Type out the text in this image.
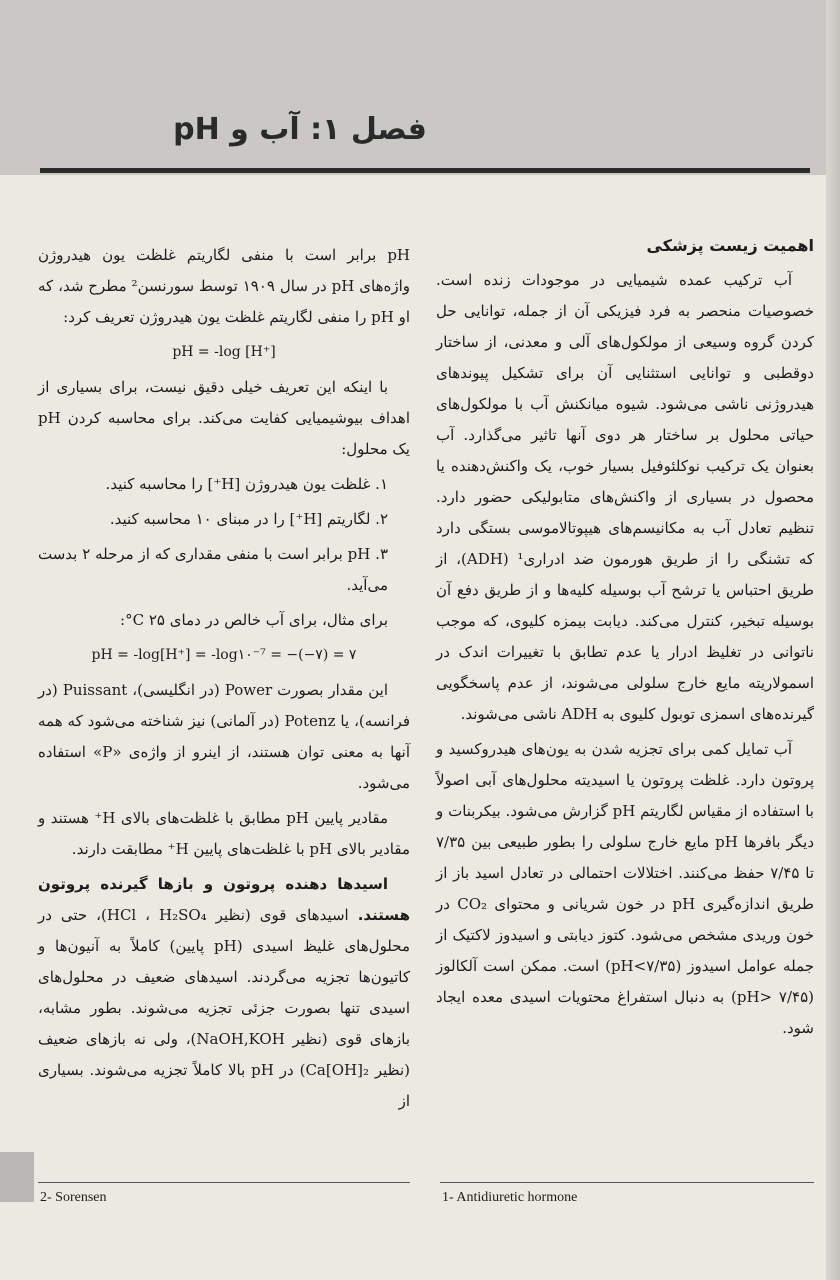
فصل ۱: آب و pH

اهمیت زیست پزشکی

آب ترکیب عمده شیمیایی در موجودات زنده است. خصوصیات منحصر به فرد فیزیکی آن از جمله، توانایی حل کردن گروه وسیعی از مولکول‌های آلی و معدنی، از ساختار دوقطبی و توانایی استثنایی آن برای تشکیل پیوندهای هیدروژنی ناشی می‌شود. شیوه میانکنش آب با مولکول‌های حیاتی محلول بر ساختار هر دوی آنها تاثیر می‌گذارد. آب بعنوان یک ترکیب نوکلئوفیل بسیار خوب، یک واکنش‌دهنده یا محصول در بسیاری از واکنش‌های متابولیکی حضور دارد. تنظیم تعادل آب به مکانیسم‌های هیپوتالاموسی بستگی دارد که تشنگی را از طریق هورمون ضد ادراری¹ (ADH)، از طریق احتباس یا ترشح آب بوسیله کلیه‌ها و از طریق دفع آن بوسیله تبخیر، کنترل می‌کند. دیابت بیمزه کلیوی، که موجب ناتوانی در تغلیظ ادرار یا عدم تطابق با تغییرات اندک در اسمولاریته مایع خارج سلولی می‌شوند، از عدم پاسخگویی گیرنده‌های اسمزی توبول کلیوی به ADH ناشی می‌شوند.

آب تمایل کمی برای تجزیه شدن به یون‌های هیدروکسید و پروتون دارد. غلظت پروتون یا اسیدیته محلول‌های آبی اصولاً با استفاده از مقیاس لگاریتم pH گزارش می‌شود. بیکربنات و دیگر بافرها pH مایع خارج سلولی را بطور طبیعی بین ۷/۳۵ تا ۷/۴۵ حفظ می‌کنند. اختلالات احتمالی در تعادل اسید باز از طریق اندازه‌گیری pH در خون شریانی و محتوای CO₂ در خون وریدی مشخص می‌شود. کتوز دیابتی و اسیدوز لاکتیک از جمله عوامل اسیدوز (pH<۷/۳۵) است. ممکن است آلکالوز (pH> ۷/۴۵) به دنبال استفراغ محتویات اسیدی معده ایجاد شود.

pH برابر است با منفی لگاریتم غلظت یون هیدروژن واژه‌های pH در سال ۱۹۰۹ توسط سورنسن² مطرح شد، که او pH را منفی لگاریتم غلظت یون هیدروژن تعریف کرد:

pH = -log [H⁺]

با اینکه این تعریف خیلی دقیق نیست، برای بسیاری از اهداف بیوشیمیایی کفایت می‌کند. برای محاسبه کردن pH یک محلول:

۱. غلظت یون هیدروژن [H⁺] را محاسبه کنید.

۲. لگاریتم [H⁺] را در مبنای ۱۰ محاسبه کنید.

۳. pH برابر است با منفی مقداری که از مرحله ۲ بدست می‌آید.

برای مثال، برای آب خالص در دمای ۲۵ C°:

pH = -log[H⁺] = -log۱۰⁻⁷ = −(−۷) = ۷

این مقدار بصورت Power (در انگلیسی)، Puissant (در فرانسه)، یا Potenz (در آلمانی) نیز شناخته می‌شود که همه آنها به معنی توان هستند، از اینرو از واژه‌ی «P» استفاده می‌شود.

مقادیر پایین pH مطابق با غلظت‌های بالای H⁺ هستند و مقادیر بالای pH با غلظت‌های پایین H⁺ مطابقت دارند.

اسیدها دهنده پروتون و بازها گیرنده پروتون هستند. اسیدهای قوی (نظیر HCl ، H₂SO₄)، حتی در محلول‌های غلیظ اسیدی (pH پایین) کاملاً به آنیون‌ها و کاتیون‌ها تجزیه می‌گردند. اسیدهای ضعیف در محلول‌های اسیدی تنها بصورت جزئی تجزیه می‌شوند. بطور مشابه، بازهای قوی (نظیر NaOH,KOH)، ولی نه بازهای ضعیف (نظیر Ca[OH]₂) در pH بالا کاملاً تجزیه می‌شوند. بسیاری از

2- Sorensen	1- Antidiuretic hormone
